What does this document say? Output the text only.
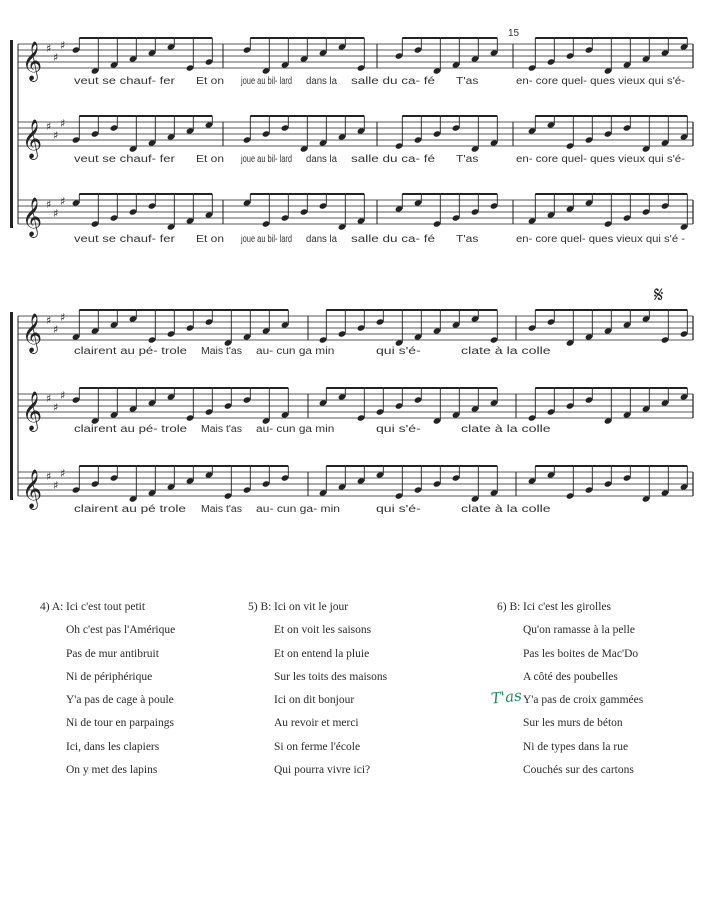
𝄞 ♯
♯
♯
veut se chauf- fer Et on joue au bil- lard dans la salle du ca- fé T'as	en- core quel- ques vieux qui s'é-
𝄞 ♯
♯
♯
veut se chauf- fer Et on joue au bil- lard dans la salle du ca- fé T'as	en- core quel- ques vieux qui s'é-
𝄞 ♯
♯
♯
veut se chauf- fer Et on joue au bil- lard dans la salle du ca- fé T'as	en- core quel- ques vieux qui s'é -
𝄞 ♯
♯
♯
clairent au pé- trole Mais t'as au- cun ga min	qui s'é-	clate à la colle
𝄞 ♯
♯
♯
clairent au pé- trole Mais t'as au- cun ga min	qui s'é-	clate à la colle
𝄞 ♯
♯
♯
clairent au pé trole Mais t'as au- cun ga- min	qui s'é-	clate à la colle
15
𝄋
4) A: Ici c'est tout petit
Oh c'est pas l'Amérique
Pas de mur antibruit
Ni de périphérique
Y'a pas de cage à poule
Ni de tour en parpaings
Ici, dans les clapiers
On y met des lapins
5) B: Ici on vit le jour
Et on voit les saisons
Et on entend la pluie
Sur les toits des maisons
Ici on dit bonjour
Au revoir et merci
Si on ferme l'école
Qui pourra vivre ici?
6) B: Ici c'est les girolles
Qu'on ramasse à la pelle
Pas les boites de Mac'Do
A côté des poubelles
Y'a pas de croix gammées
Sur les murs de béton
Ni de types dans la rue
Couchés sur des cartons
T'as
